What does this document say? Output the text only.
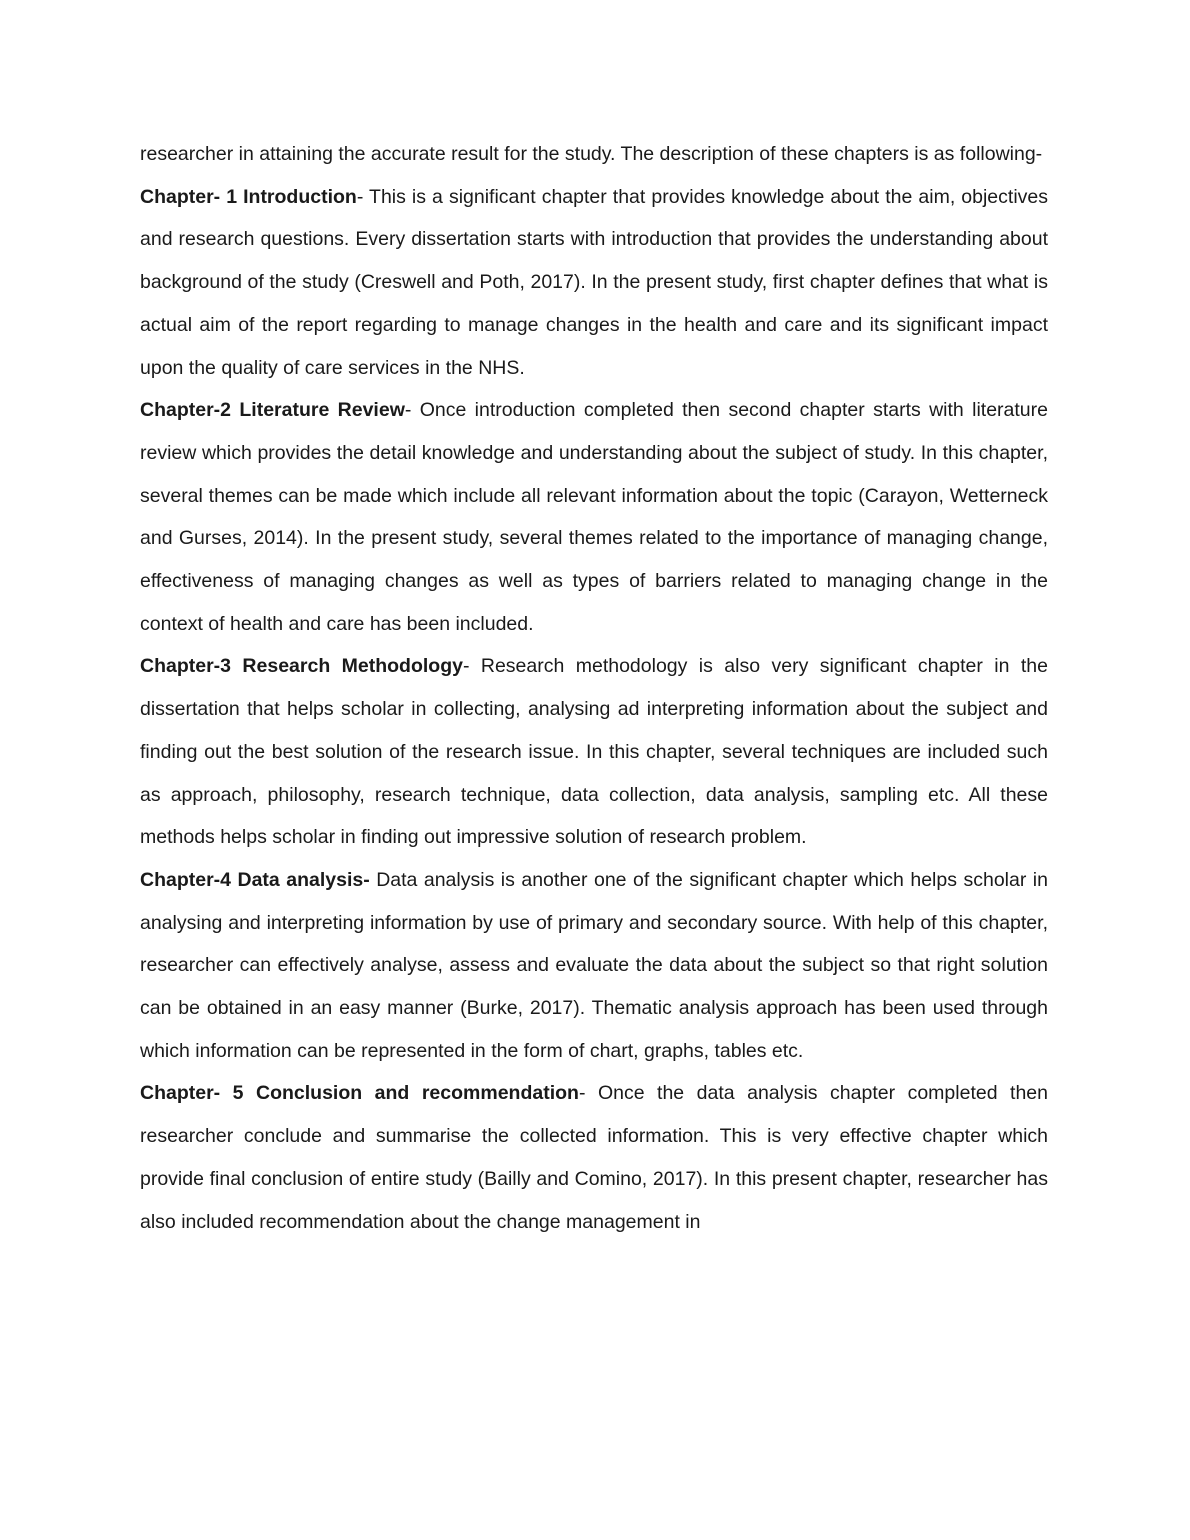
researcher in attaining the accurate result for the study. The description of these chapters is as following-

Chapter- 1 Introduction- This is a significant chapter that provides knowledge about the aim, objectives and research questions. Every dissertation starts with introduction that provides the understanding about background of the study (Creswell and Poth, 2017). In the present study, first chapter defines that what is actual aim of the report regarding to manage changes in the health and care and its significant impact upon the quality of care services in the NHS.

Chapter-2 Literature Review- Once introduction completed then second chapter starts with literature review which provides the detail knowledge and understanding about the subject of study. In this chapter, several themes can be made which include all relevant information about the topic (Carayon, Wetterneck and Gurses, 2014). In the present study, several themes related to the importance of managing change, effectiveness of managing changes as well as types of barriers related to managing change in the context of health and care has been included.

Chapter-3 Research Methodology- Research methodology is also very significant chapter in the dissertation that helps scholar in collecting, analysing ad interpreting information about the subject and finding out the best solution of the research issue. In this chapter, several techniques are included such as approach, philosophy, research technique, data collection, data analysis, sampling etc. All these methods helps scholar in finding out impressive solution of research problem.

Chapter-4 Data analysis- Data analysis is another one of the significant chapter which helps scholar in analysing and interpreting information by use of primary and secondary source. With help of this chapter, researcher can effectively analyse, assess and evaluate the data about the subject so that right solution can be obtained in an easy manner (Burke, 2017). Thematic analysis approach has been used through which information can be represented in the form of chart, graphs, tables etc.

Chapter- 5 Conclusion and recommendation- Once the data analysis chapter completed then researcher conclude and summarise the collected information. This is very effective chapter which provide final conclusion of entire study (Bailly and Comino, 2017). In this present chapter, researcher has also included recommendation about the change management in
